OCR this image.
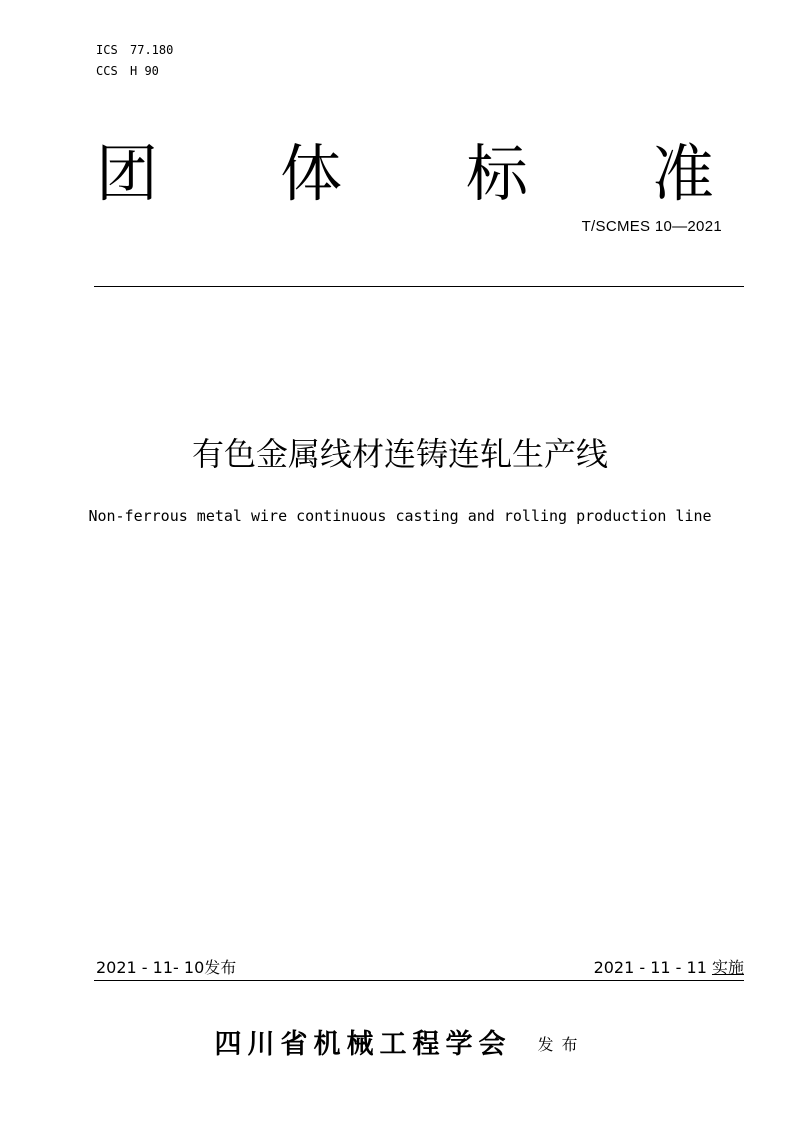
ICS	77.180
CCS	H 90
团 体 标 准
T/SCMES 10—2021
有色金属线材连铸连轧生产线
Non-ferrous metal wire continuous casting and rolling production line
2021 - 11- 10发布	2021 - 11 - 11 实施
四川省机械工程学会 发布
